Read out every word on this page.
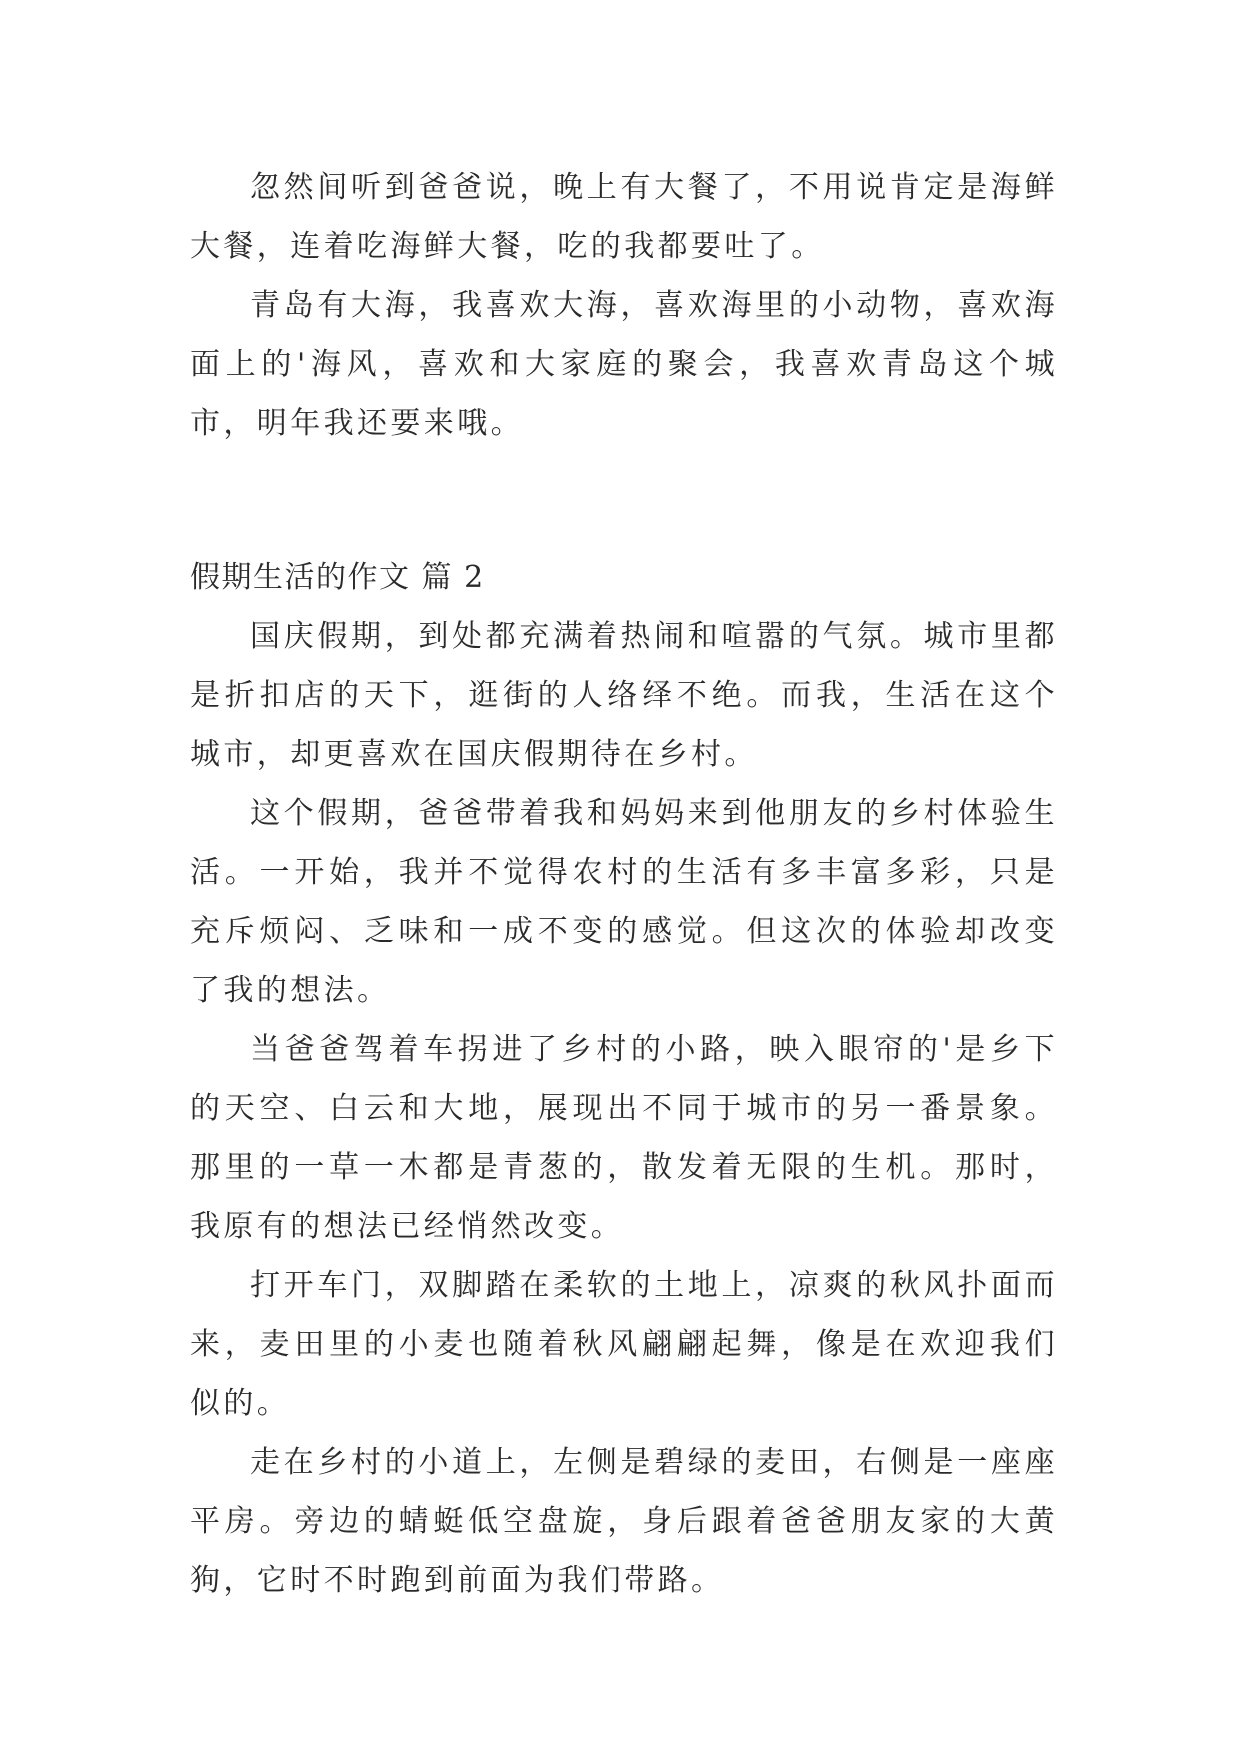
忽然间听到爸爸说，晚上有大餐了，不用说肯定是海鲜大餐，连着吃海鲜大餐，吃的我都要吐了。

青岛有大海，我喜欢大海，喜欢海里的小动物，喜欢海面上的'海风，喜欢和大家庭的聚会，我喜欢青岛这个城市，明年我还要来哦。

假期生活的作文 篇 2

国庆假期，到处都充满着热闹和喧嚣的气氛。城市里都是折扣店的天下，逛街的人络绎不绝。而我，生活在这个城市，却更喜欢在国庆假期待在乡村。

这个假期，爸爸带着我和妈妈来到他朋友的乡村体验生活。一开始，我并不觉得农村的生活有多丰富多彩，只是充斥烦闷、乏味和一成不变的感觉。但这次的体验却改变了我的想法。

当爸爸驾着车拐进了乡村的小路，映入眼帘的'是乡下的天空、白云和大地，展现出不同于城市的另一番景象。那里的一草一木都是青葱的，散发着无限的生机。那时，我原有的想法已经悄然改变。

打开车门，双脚踏在柔软的土地上，凉爽的秋风扑面而来，麦田里的小麦也随着秋风翩翩起舞，像是在欢迎我们似的。

走在乡村的小道上，左侧是碧绿的麦田，右侧是一座座平房。旁边的蜻蜓低空盘旋，身后跟着爸爸朋友家的大黄狗，它时不时跑到前面为我们带路。
